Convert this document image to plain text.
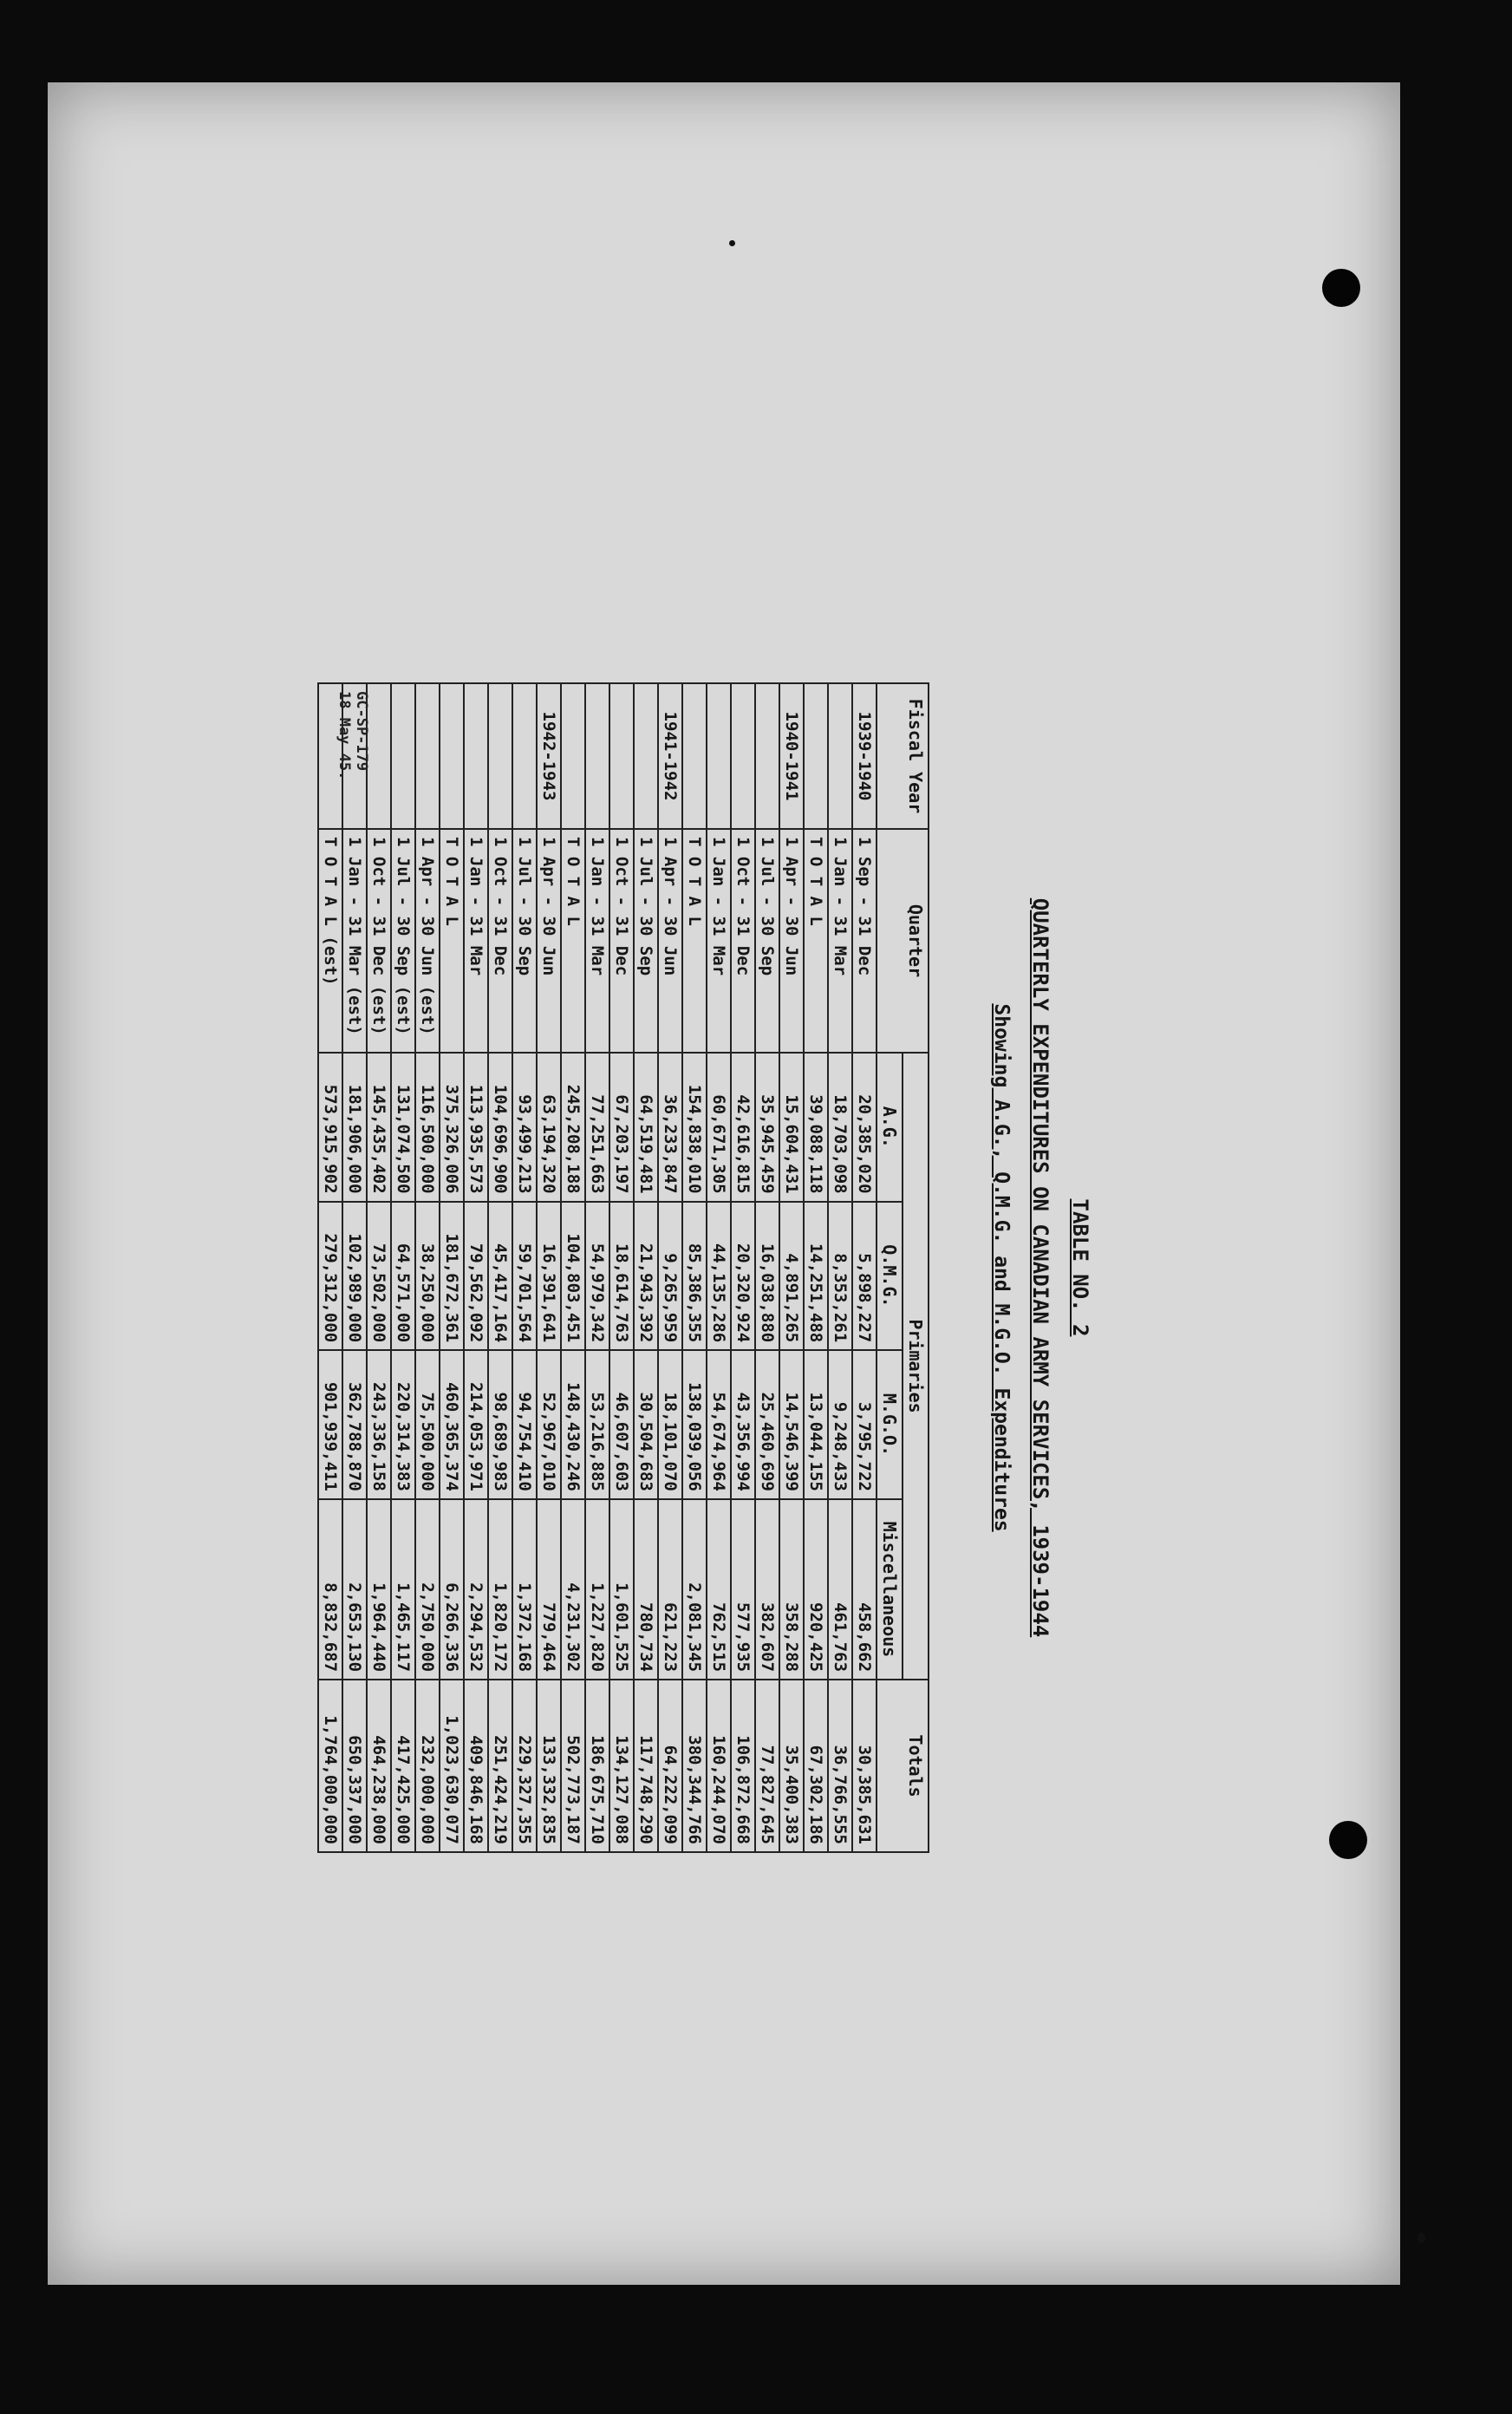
TABLE NO. 2
QUARTERLY EXPENDITURES ON CANADIAN ARMY SERVICES, 1939-1944
Showing A.G., Q.M.G. and M.G.O. Expenditures
Fiscal Year	Quarter	Primaries				Totals
		A.G.	Q.M.G.	M.G.O.	Miscellaneous	
1939-1940	1 Sep - 31 Dec	20,385,020	5,898,227	3,795,722	458,662	30,385,631
	1 Jan - 31 Mar	18,703,098	8,353,261	9,248,433	461,763	36,766,555
	T O T A L	39,088,118	14,251,488	13,044,155	920,425	67,302,186
1940-1941	1 Apr - 30 Jun	15,604,431	4,891,265	14,546,399	358,288	35,400,383
	1 Jul - 30 Sep	35,945,459	16,038,880	25,460,699	382,607	77,827,645
	1 Oct - 31 Dec	42,616,815	20,320,924	43,356,994	577,935	106,872,668
	1 Jan - 31 Mar	60,671,305	44,135,286	54,674,964	762,515	160,244,070
	T O T A L	154,838,010	85,386,355	138,039,056	2,081,345	380,344,766
1941-1942	1 Apr - 30 Jun	36,233,847	9,265,959	18,101,070	621,223	64,222,099
	1 Jul - 30 Sep	64,519,481	21,943,392	30,504,683	780,734	117,748,290
	1 Oct - 31 Dec	67,203,197	18,614,763	46,607,603	1,601,525	134,127,088
	1 Jan - 31 Mar	77,251,663	54,979,342	53,216,885	1,227,820	186,675,710
	T O T A L	245,208,188	104,803,451	148,430,246	4,231,302	502,773,187
1942-1943	1 Apr - 30 Jun	63,194,320	16,391,641	52,967,010	779,464	133,332,835
	1 Jul - 30 Sep	93,499,213	59,701,564	94,754,410	1,372,168	229,327,355
	1 Oct - 31 Dec	104,696,900	45,417,164	98,689,983	1,820,172	251,424,219
	1 Jan - 31 Mar	113,935,573	79,562,092	214,053,971	2,294,532	409,846,168
	T O T A L	375,326,006	181,672,361	460,365,374	6,266,336	1,023,630,077
	1 Apr - 30 Jun (est)	116,500,000	38,250,000	75,500,000	2,750,000	232,000,000
	1 Jul - 30 Sep (est)	131,074,500	64,571,000	220,314,383	1,465,117	417,425,000
	1 Oct - 31 Dec (est)	145,435,402	73,502,000	243,336,158	1,964,440	464,238,000
	1 Jan - 31 Mar (est)	181,906,000	102,989,000	362,788,870	2,653,130	650,337,000
	T O T A L (est)	573,915,902	279,312,000	901,939,411	8,832,687	1,764,000,000
GC-SP-179
18 May 45.
